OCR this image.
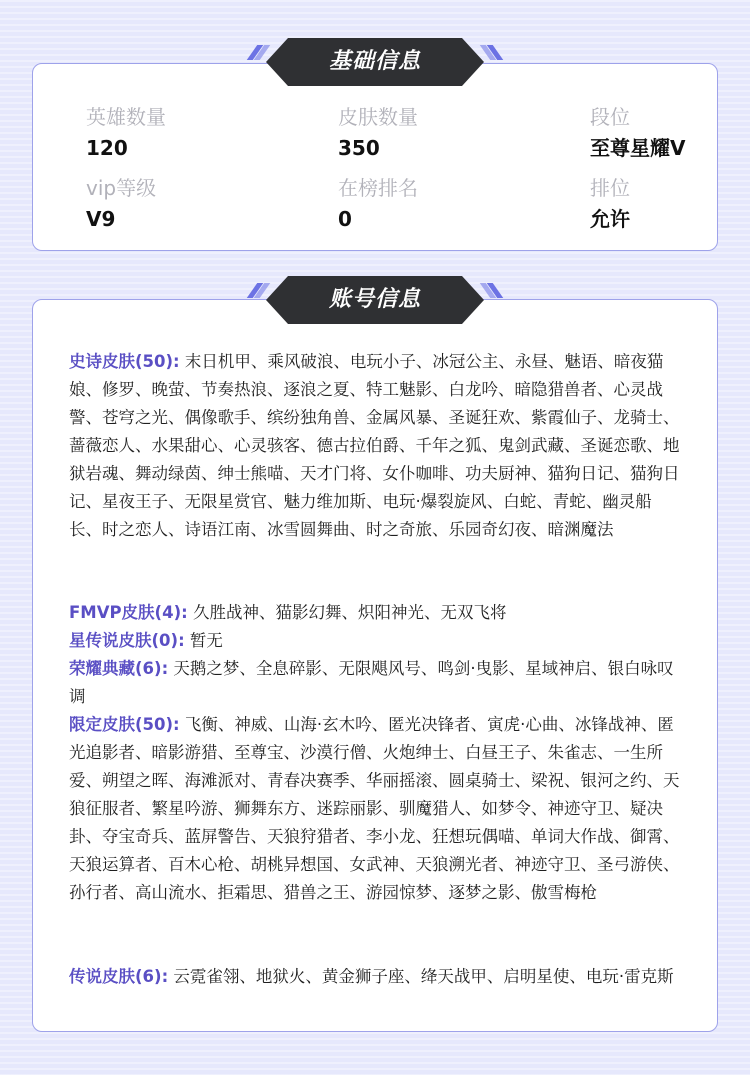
英雄数量
120
皮肤数量
350
段位
至尊星耀V
vip等级
V9
在榜排名
0
排位
允许
基础信息
史诗皮肤(50): 末日机甲、乘风破浪、电玩小子、冰冠公主、永昼、魅语、暗夜猫娘、修罗、晚萤、节奏热浪、逐浪之夏、特工魅影、白龙吟、暗隐猎兽者、心灵战警、苍穹之光、偶像歌手、缤纷独角兽、金属风暴、圣诞狂欢、紫霞仙子、龙骑士、蔷薇恋人、水果甜心、心灵骇客、德古拉伯爵、千年之狐、鬼剑武藏、圣诞恋歌、地狱岩魂、舞动绿茵、绅士熊喵、天才门将、女仆咖啡、功夫厨神、猫狗日记、猫狗日记、星夜王子、无限星赏官、魅力维加斯、电玩·爆裂旋风、白蛇、青蛇、幽灵船长、时之恋人、诗语江南、冰雪圆舞曲、时之奇旅、乐园奇幻夜、暗渊魔法
FMVP皮肤(4): 久胜战神、猫影幻舞、炽阳神光、无双飞将
星传说皮肤(0): 暂无
荣耀典藏(6): 天鹅之梦、全息碎影、无限飓风号、鸣剑·曳影、星域神启、银白咏叹调
限定皮肤(50): 飞衡、神威、山海·玄木吟、匿光决锋者、寅虎·心曲、冰锋战神、匿光追影者、暗影游猎、至尊宝、沙漠行僧、火炮绅士、白昼王子、朱雀志、一生所爱、朔望之晖、海滩派对、青春决赛季、华丽摇滚、圆桌骑士、梁祝、银河之约、天狼征服者、繁星吟游、狮舞东方、迷踪丽影、驯魔猎人、如梦令、神迹守卫、疑决卦、夺宝奇兵、蓝屏警告、天狼狩猎者、李小龙、狂想玩偶喵、单词大作战、御霄、天狼运算者、百木心枪、胡桃异想国、女武神、天狼溯光者、神迹守卫、圣弓游侠、孙行者、高山流水、拒霜思、猎兽之王、游园惊梦、逐梦之影、傲雪梅枪
传说皮肤(6): 云霓雀翎、地狱火、黄金狮子座、绛天战甲、启明星使、电玩·雷克斯
账号信息
